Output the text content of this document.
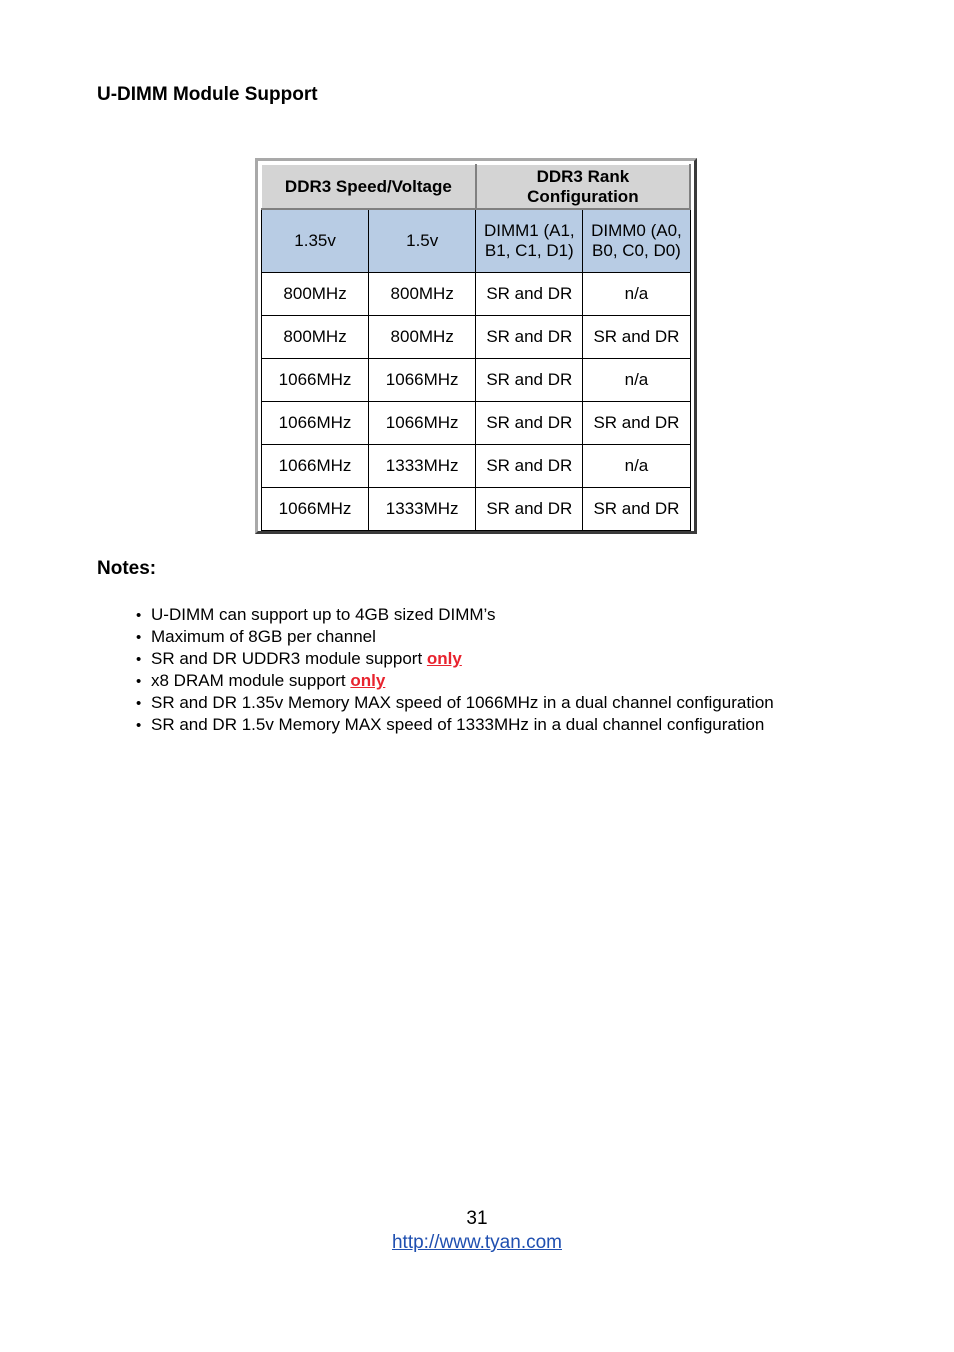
U-DIMM Module Support
DDR3 Speed/Voltage		DDR3 Rank Configuration	

1.35v	1.5v	DIMM1 (A1, B1, C1, D1)	DIMM0 (A0, B0, C0, D0)
800MHz	800MHz	SR and DR	n/a
800MHz	800MHz	SR and DR	SR and DR
1066MHz	1066MHz	SR and DR	n/a
1066MHz	1066MHz	SR and DR	SR and DR
1066MHz	1333MHz	SR and DR	n/a
1066MHz	1333MHz	SR and DR	SR and DR
Notes:
• U-DIMM can support up to 4GB sized DIMM’s
• Maximum of 8GB per channel
• SR and DR UDDR3 module support only
• x8 DRAM module support only
• SR and DR 1.35v Memory MAX speed of 1066MHz in a dual channel configuration
• SR and DR 1.5v Memory MAX speed of 1333MHz in a dual channel configuration
31
http://www.tyan.com
